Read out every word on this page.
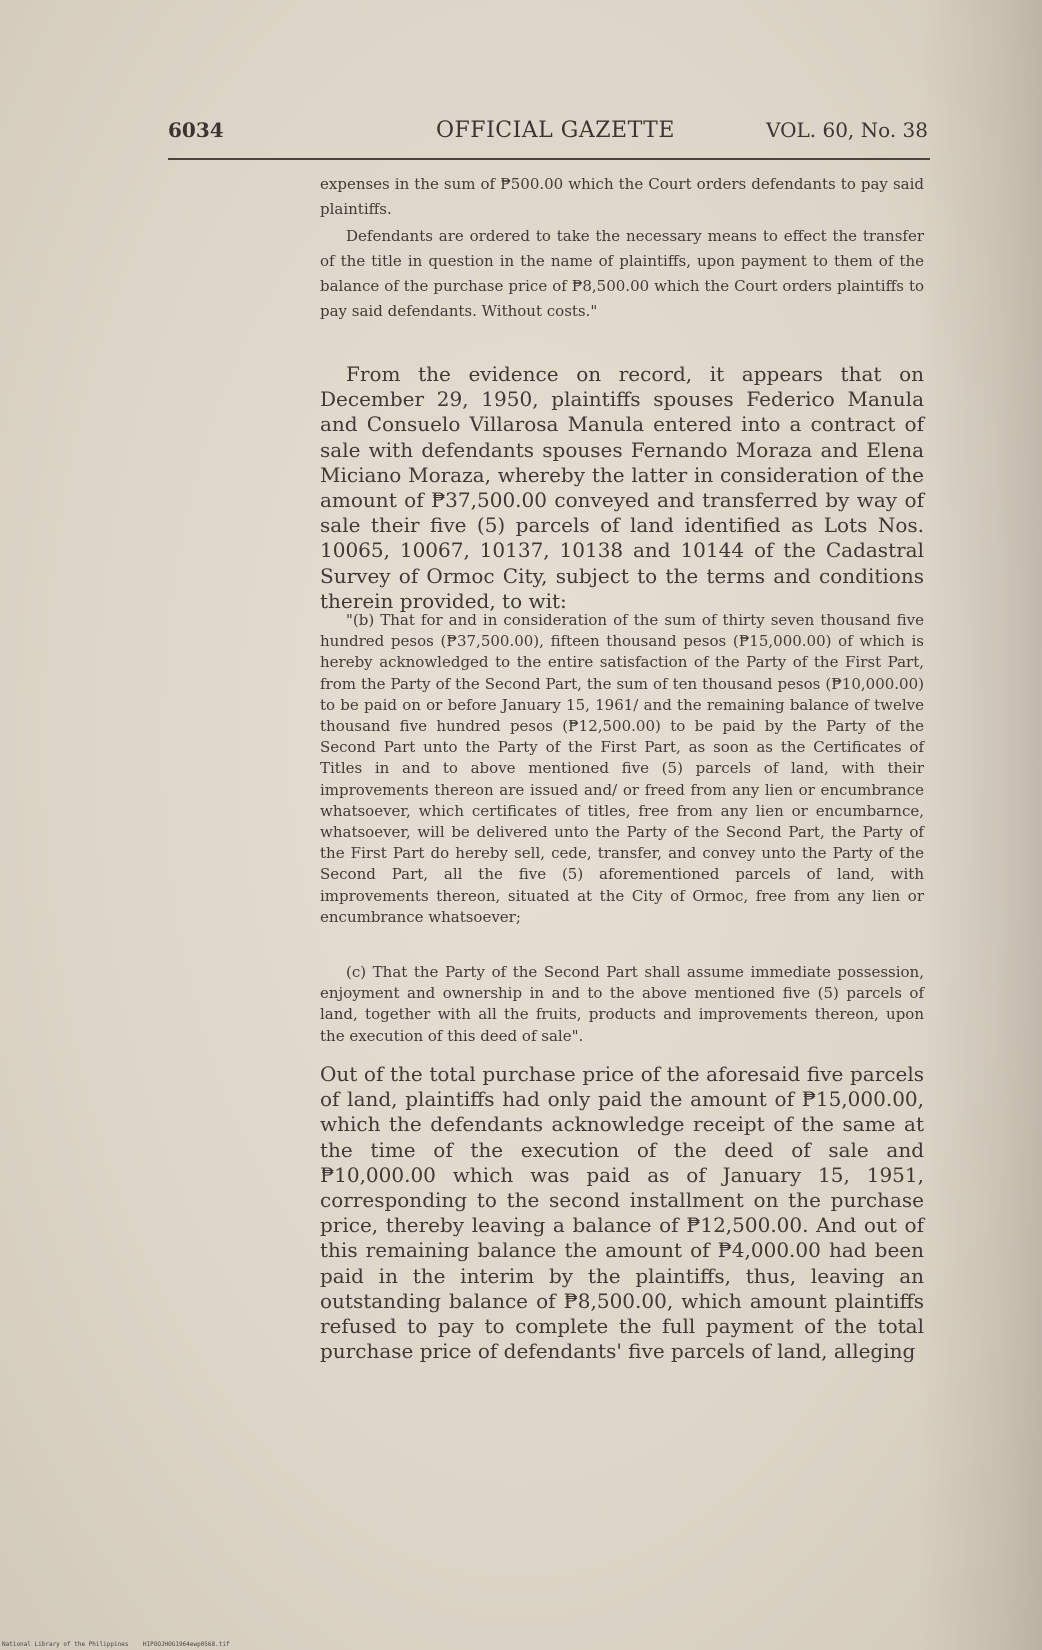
6034	OFFICIAL GAZETTE	VOL. 60, No. 38

expenses in the sum of ₱500.00 which the Court orders defendants to pay said plaintiffs.

Defendants are ordered to take the necessary means to effect the transfer of the title in question in the name of plaintiffs, upon payment to them of the balance of the purchase price of ₱8,500.00 which the Court orders plaintiffs to pay said defendants. Without costs."

From the evidence on record, it appears that on December 29, 1950, plaintiffs spouses Federico Manula and Consuelo Villarosa Manula entered into a contract of sale with defendants spouses Fernando Moraza and Elena Miciano Moraza, whereby the latter in consideration of the amount of ₱37,500.00 conveyed and transferred by way of sale their five (5) parcels of land identified as Lots Nos. 10065, 10067, 10137, 10138 and 10144 of the Cadastral Survey of Ormoc City, subject to the terms and conditions therein provided, to wit:

"(b) That for and in consideration of the sum of thirty seven thousand five hundred pesos (₱37,500.00), fifteen thousand pesos (₱15,000.00) of which is hereby acknowledged to the entire satisfaction of the Party of the First Part, from the Party of the Second Part, the sum of ten thousand pesos (₱10,000.00) to be paid on or before January 15, 1961/ and the remaining balance of twelve thousand five hundred pesos (₱12,500.00) to be paid by the Party of the Second Part unto the Party of the First Part, as soon as the Certificates of Titles in and to above mentioned five (5) parcels of land, with their improvements thereon are issued and/ or freed from any lien or encumbrance whatsoever, which certificates of titles, free from any lien or encumbarnce, whatsoever, will be delivered unto the Party of the Second Part, the Party of the First Part do hereby sell, cede, transfer, and convey unto the Party of the Second Part, all the five (5) aforementioned parcels of land, with improvements thereon, situated at the City of Ormoc, free from any lien or encumbrance whatsoever;

(c) That the Party of the Second Part shall assume immediate possession, enjoyment and ownership in and to the above mentioned five (5) parcels of land, together with all the fruits, products and improvements thereon, upon the execution of this deed of sale".

Out of the total purchase price of the aforesaid five parcels of land, plaintiffs had only paid the amount of ₱15,000.00, which the defendants acknowledge receipt of the same at the time of the execution of the deed of sale and ₱10,000.00 which was paid as of January 15, 1951, corresponding to the second installment on the purchase price, thereby leaving a balance of ₱12,500.00. And out of this remaining balance the amount of ₱4,000.00 had been paid in the interim by the plaintiffs, thus, leaving an outstanding balance of ₱8,500.00, which amount plaintiffs refused to pay to complete the full payment of the total purchase price of defendants' five parcels of land, alleging

National Library of the Philippines    HIPOOJHOG1964ewp0568.tif
